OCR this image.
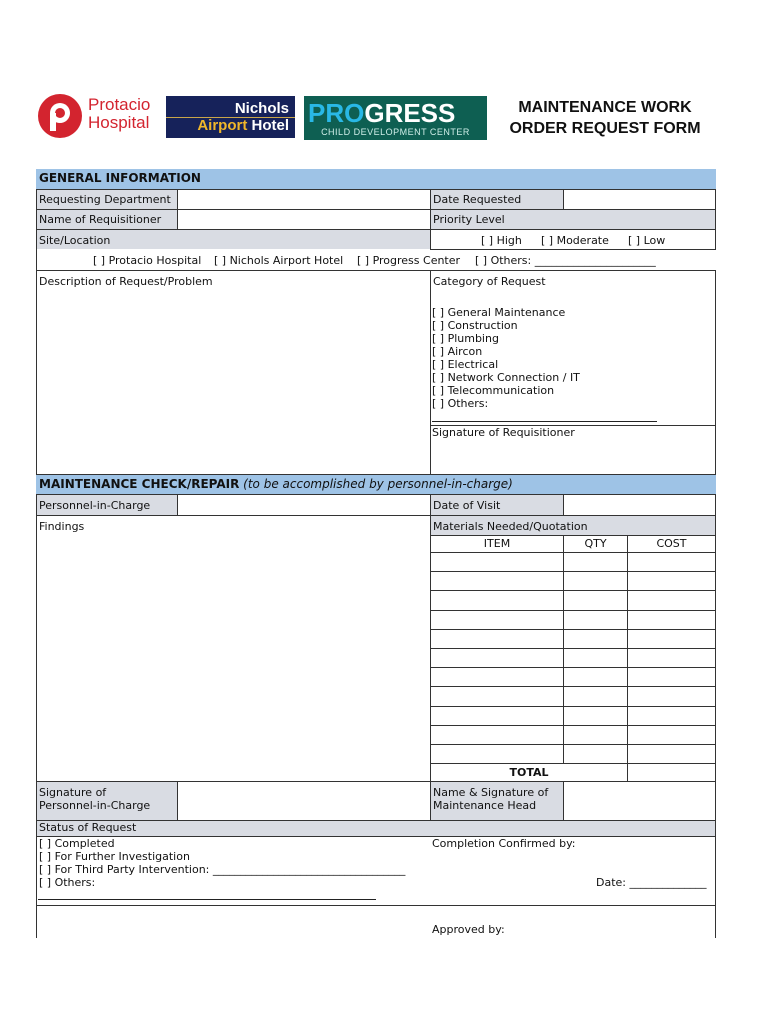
Protacio
Hospital
Nichols
Airport Hotel PROGRESS
CHILD DEVELOPMENT CENTER
MAINTENANCE WORK
ORDER REQUEST FORM
GENERAL INFORMATION
Requesting Department	Date Requested
Name of Requisitioner	Priority Level
Site/Location	[ ] High [ ] Moderate [ ] Low
[ ] Protacio Hospital [ ] Nichols Airport Hotel [ ] Progress Center [ ] Others: ______________________
Description of Request/Problem	Category of Request
[ ] General Maintenance
[ ] Construction
[ ] Plumbing
[ ] Aircon
[ ] Electrical
[ ] Network Connection / IT
[ ] Telecommunication
[ ] Others:
Signature of Requisitioner
MAINTENANCE CHECK/REPAIR (to be accomplished by personnel-in-charge)
Personnel-in-Charge	Date of Visit
Findings	Materials Needed/Quotation
ITEM	QTY	COST
TOTAL
Signature of
Personnel-in-Charge
Name & Signature of
Maintenance Head
Status of Request
[ ] Completed
[ ] For Further Investigation
[ ] For Third Party Intervention: ___________________________________
[ ] Others:
Completion Confirmed by:
Date: ______________
Approved by:
